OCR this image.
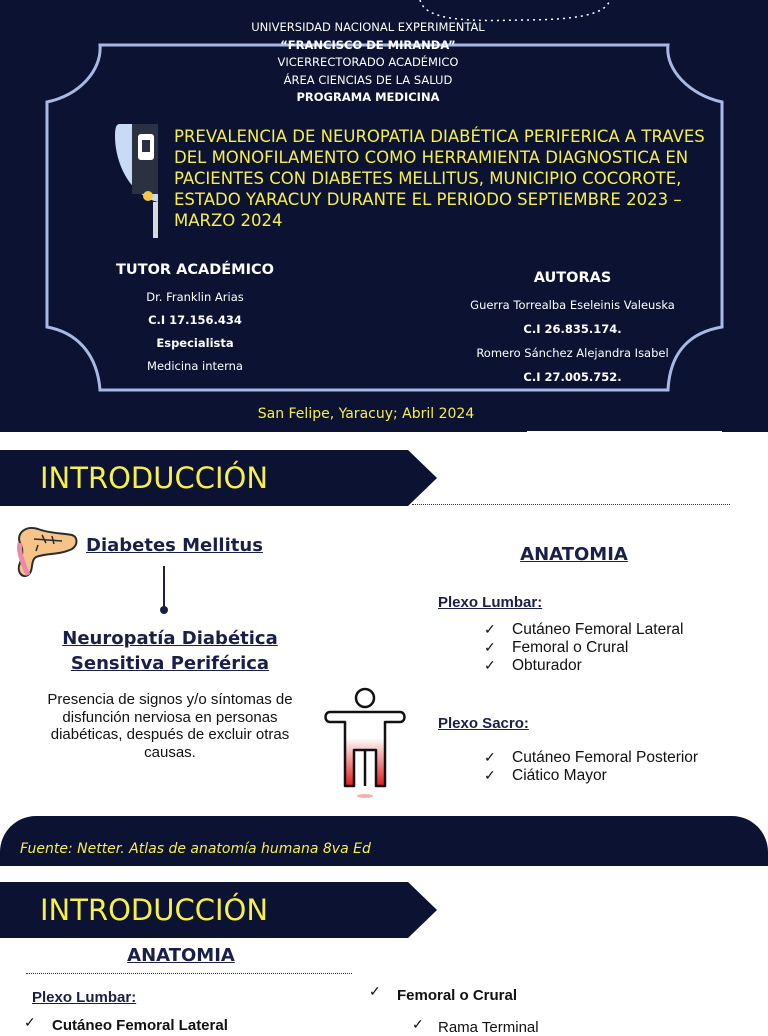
UNIVERSIDAD NACIONAL EXPERIMENTAL
“FRANCISCO DE MIRANDA”
VICERRECTORADO ACADÉMICO
ÁREA CIENCIAS DE LA SALUD
PROGRAMA MEDICINA
PREVALENCIA DE NEUROPATIA DIABÉTICA PERIFERICA A TRAVES DEL MONOFILAMENTO COMO HERRAMIENTA DIAGNOSTICA EN PACIENTES CON DIABETES MELLITUS, MUNICIPIO COCOROTE, ESTADO YARACUY DURANTE EL PERIODO SEPTIEMBRE 2023 –MARZO 2024
TUTOR ACADÉMICO

Dr. Franklin Arias

C.I 17.156.434

Especialista

Medicina interna

AUTORAS

Guerra Torrealba Eseleinis Valeuska

C.I 26.835.174.

Romero Sánchez Alejandra Isabel

C.I 27.005.752.

San Felipe, Yaracuy; Abril 2024
INTRODUCCIÓN
Diabetes Mellitus
Neuropatía Diabética
Sensitiva Periférica
Presencia de signos y/o síntomas de disfunción nerviosa en personas diabéticas, después de excluir otras causas.
ANATOMIA
Plexo Lumbar:
✓ Cutáneo Femoral Lateral
✓ Femoral o Crural
✓ Obturador
Plexo Sacro:
✓ Cutáneo Femoral Posterior
✓ Ciático Mayor
Fuente: Netter. Atlas de anatomía humana 8va Ed
INTRODUCCIÓN
ANATOMIA
Plexo Lumbar:	✓ Femoral o Crural
✓ Cutáneo Femoral Lateral	✓ Rama Terminal
